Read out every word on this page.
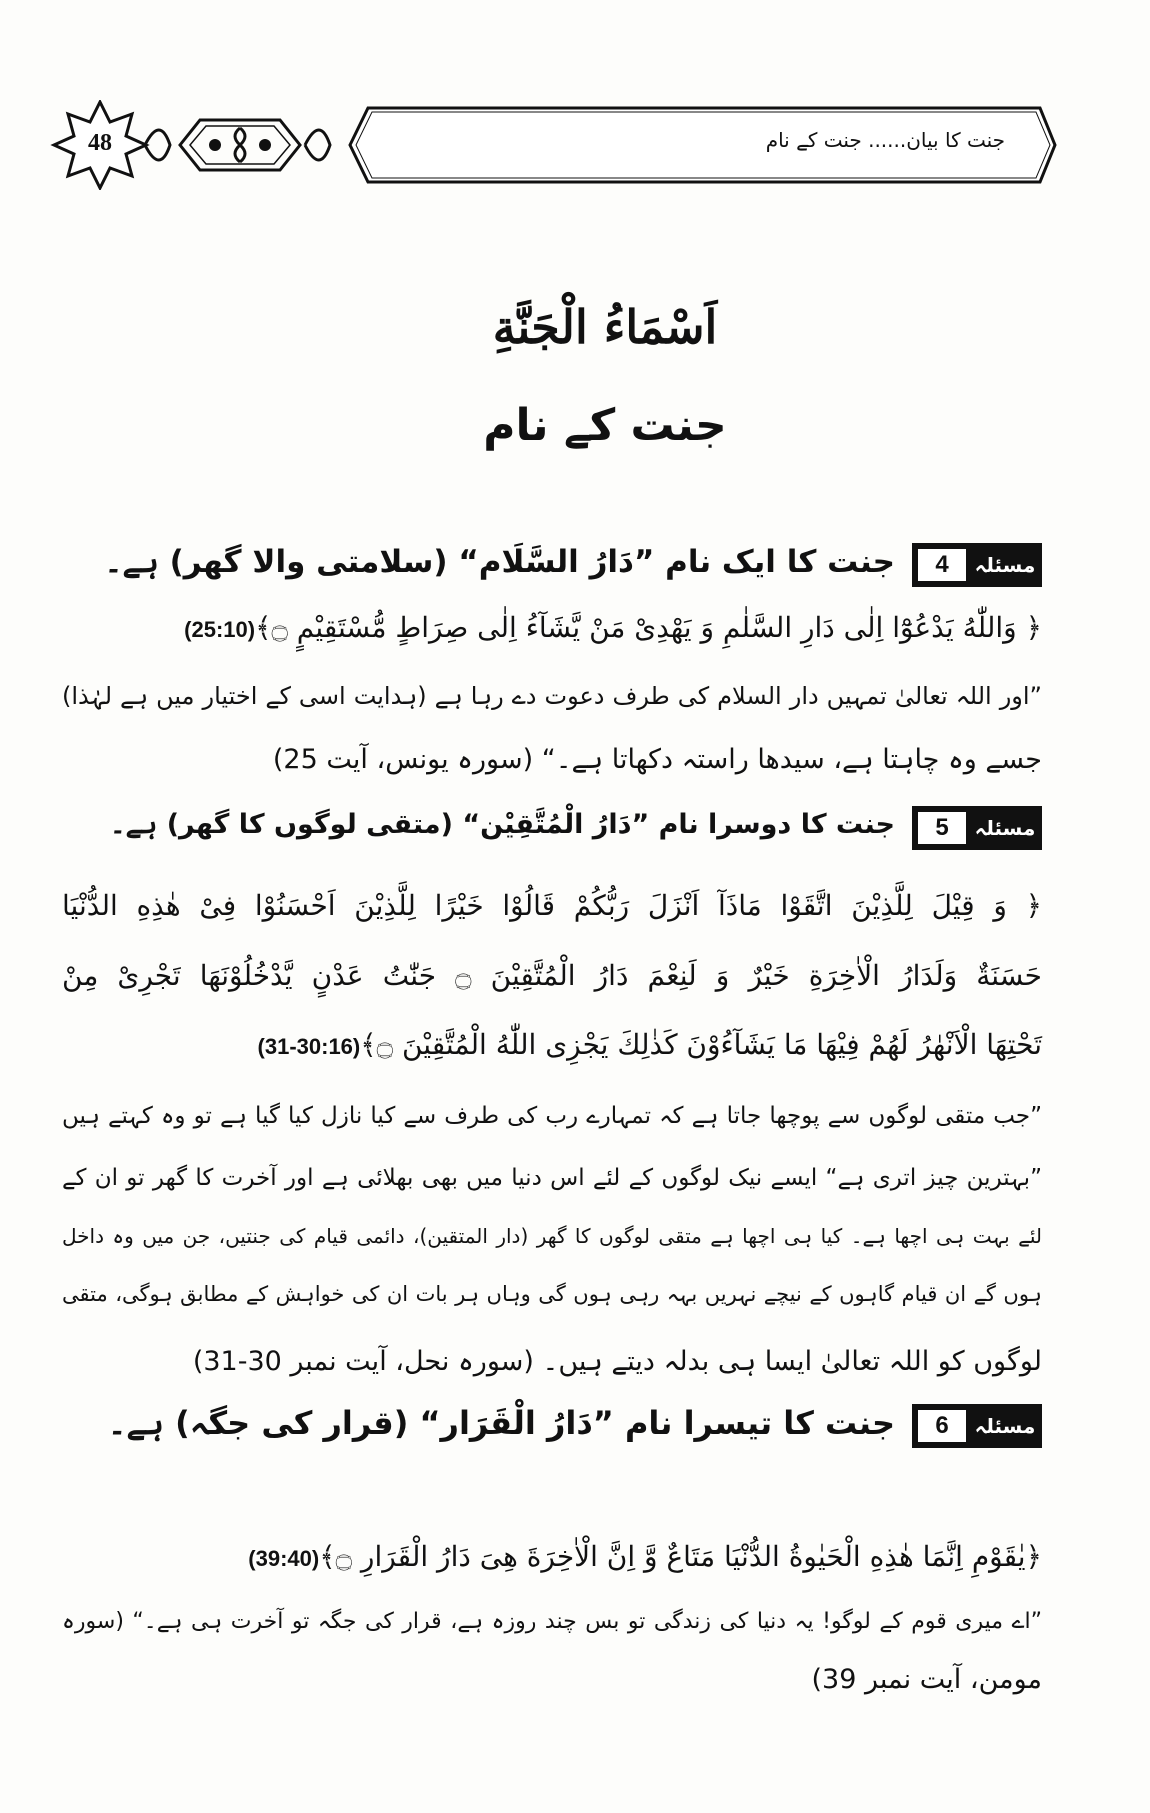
48	جنت کا بیان...... جنت کے نام
اَسْمَاءُ الْجَنَّةِ
جنت کے نام
4	مسئلہ
جنت کا ایک نام ”دَارُ السَّلَام“ (سلامتی والا گھر) ہے۔
﴿ وَاللّٰهُ يَدْعُوْٓا اِلٰى دَارِ السَّلٰمِ وَ يَهْدِىْ مَنْ يَّشَآءُ اِلٰى صِرَاطٍ مُّسْتَقِيْمٍ ۝﴾(25:10)
”اور اللہ تعالیٰ تمہیں دار السلام کی طرف دعوت دے رہا ہے (ہدایت اسی کے اختیار میں ہے لہٰذا)
جسے وہ چاہتا ہے، سیدھا راستہ دکھاتا ہے۔“ (سورہ یونس، آیت 25)
5	مسئلہ
جنت کا دوسرا نام ”دَارُ الْمُتَّقِيْن“ (متقی لوگوں کا گھر) ہے۔
﴿ وَ قِيْلَ لِلَّذِيْنَ اتَّقَوْا مَاذَآ اَنْزَلَ رَبُّكُمْ قَالُوْا خَيْرًا لِلَّذِيْنَ اَحْسَنُوْا فِىْ هٰذِهِ الدُّنْيَا
حَسَنَةٌ وَلَدَارُ الْاٰخِرَةِ خَيْرٌ وَ لَنِعْمَ دَارُ الْمُتَّقِيْنَ ۝ جَنّٰتُ عَدْنٍ يَّدْخُلُوْنَهَا تَجْرِىْ مِنْ
تَحْتِهَا الْاَنْهٰرُ لَهُمْ فِيْهَا مَا يَشَآءُوْنَ كَذٰلِكَ يَجْزِى اللّٰهُ الْمُتَّقِيْنَ ۝﴾(31-30:16)
”جب متقی لوگوں سے پوچھا جاتا ہے کہ تمہارے رب کی طرف سے کیا نازل کیا گیا ہے تو وہ کہتے ہیں
”بہترین چیز اتری ہے“ ایسے نیک لوگوں کے لئے اس دنیا میں بھی بھلائی ہے اور آخرت کا گھر تو ان کے
لئے بہت ہی اچھا ہے۔ کیا ہی اچھا ہے متقی لوگوں کا گھر (دار المتقین)، دائمی قیام کی جنتیں، جن میں وہ داخل
ہوں گے ان قیام گاہوں کے نیچے نہریں بہہ رہی ہوں گی وہاں ہر بات ان کی خواہش کے مطابق ہوگی، متقی
لوگوں کو اللہ تعالیٰ ایسا ہی بدلہ دیتے ہیں۔ (سورہ نحل، آیت نمبر 30-31)
6	مسئلہ
جنت کا تیسرا نام ”دَارُ الْقَرَار“ (قرار کی جگہ) ہے۔
﴿يٰقَوْمِ اِنَّمَا هٰذِهِ الْحَيٰوةُ الدُّنْيَا مَتَاعٌ وَّ اِنَّ الْاٰخِرَةَ هِىَ دَارُ الْقَرَارِ ۝﴾(39:40)
”اے میری قوم کے لوگو! یہ دنیا کی زندگی تو بس چند روزہ ہے، قرار کی جگہ تو آخرت ہی ہے۔“ (سورہ
مومن، آیت نمبر 39)
